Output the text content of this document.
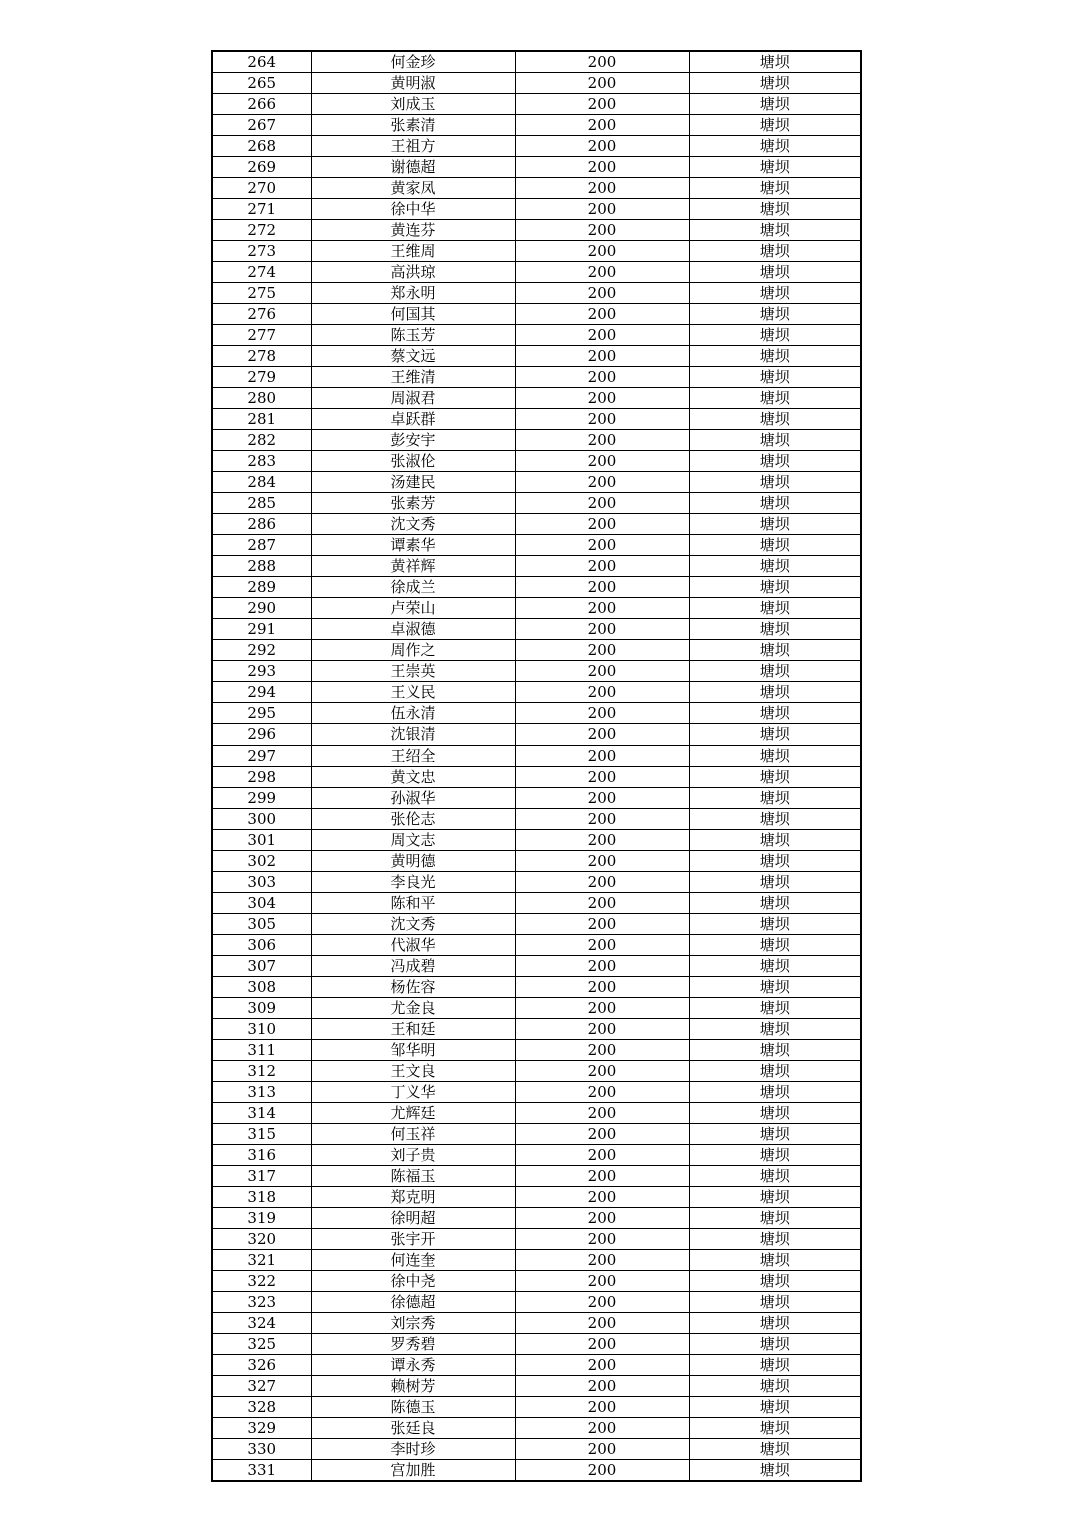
264	何金珍	200	塘坝
265	黄明淑	200	塘坝
266	刘成玉	200	塘坝
267	张素清	200	塘坝
268	王祖方	200	塘坝
269	谢德超	200	塘坝
270	黄家凤	200	塘坝
271	徐中华	200	塘坝
272	黄连芬	200	塘坝
273	王维周	200	塘坝
274	高洪琼	200	塘坝
275	郑永明	200	塘坝
276	何国其	200	塘坝
277	陈玉芳	200	塘坝
278	蔡文远	200	塘坝
279	王维清	200	塘坝
280	周淑君	200	塘坝
281	卓跃群	200	塘坝
282	彭安宇	200	塘坝
283	张淑伦	200	塘坝
284	汤建民	200	塘坝
285	张素芳	200	塘坝
286	沈文秀	200	塘坝
287	谭素华	200	塘坝
288	黄祥辉	200	塘坝
289	徐成兰	200	塘坝
290	卢荣山	200	塘坝
291	卓淑德	200	塘坝
292	周作之	200	塘坝
293	王崇英	200	塘坝
294	王义民	200	塘坝
295	伍永清	200	塘坝
296	沈银清	200	塘坝
297	王绍全	200	塘坝
298	黄文忠	200	塘坝
299	孙淑华	200	塘坝
300	张伦志	200	塘坝
301	周文志	200	塘坝
302	黄明德	200	塘坝
303	李良光	200	塘坝
304	陈和平	200	塘坝
305	沈文秀	200	塘坝
306	代淑华	200	塘坝
307	冯成碧	200	塘坝
308	杨佐容	200	塘坝
309	尤金良	200	塘坝
310	王和廷	200	塘坝
311	邹华明	200	塘坝
312	王文良	200	塘坝
313	丁义华	200	塘坝
314	尤辉廷	200	塘坝
315	何玉祥	200	塘坝
316	刘子贵	200	塘坝
317	陈福玉	200	塘坝
318	郑克明	200	塘坝
319	徐明超	200	塘坝
320	张宇开	200	塘坝
321	何连奎	200	塘坝
322	徐中尧	200	塘坝
323	徐德超	200	塘坝
324	刘宗秀	200	塘坝
325	罗秀碧	200	塘坝
326	谭永秀	200	塘坝
327	赖树芳	200	塘坝
328	陈德玉	200	塘坝
329	张廷良	200	塘坝
330	李时珍	200	塘坝
331	宫加胜	200	塘坝
